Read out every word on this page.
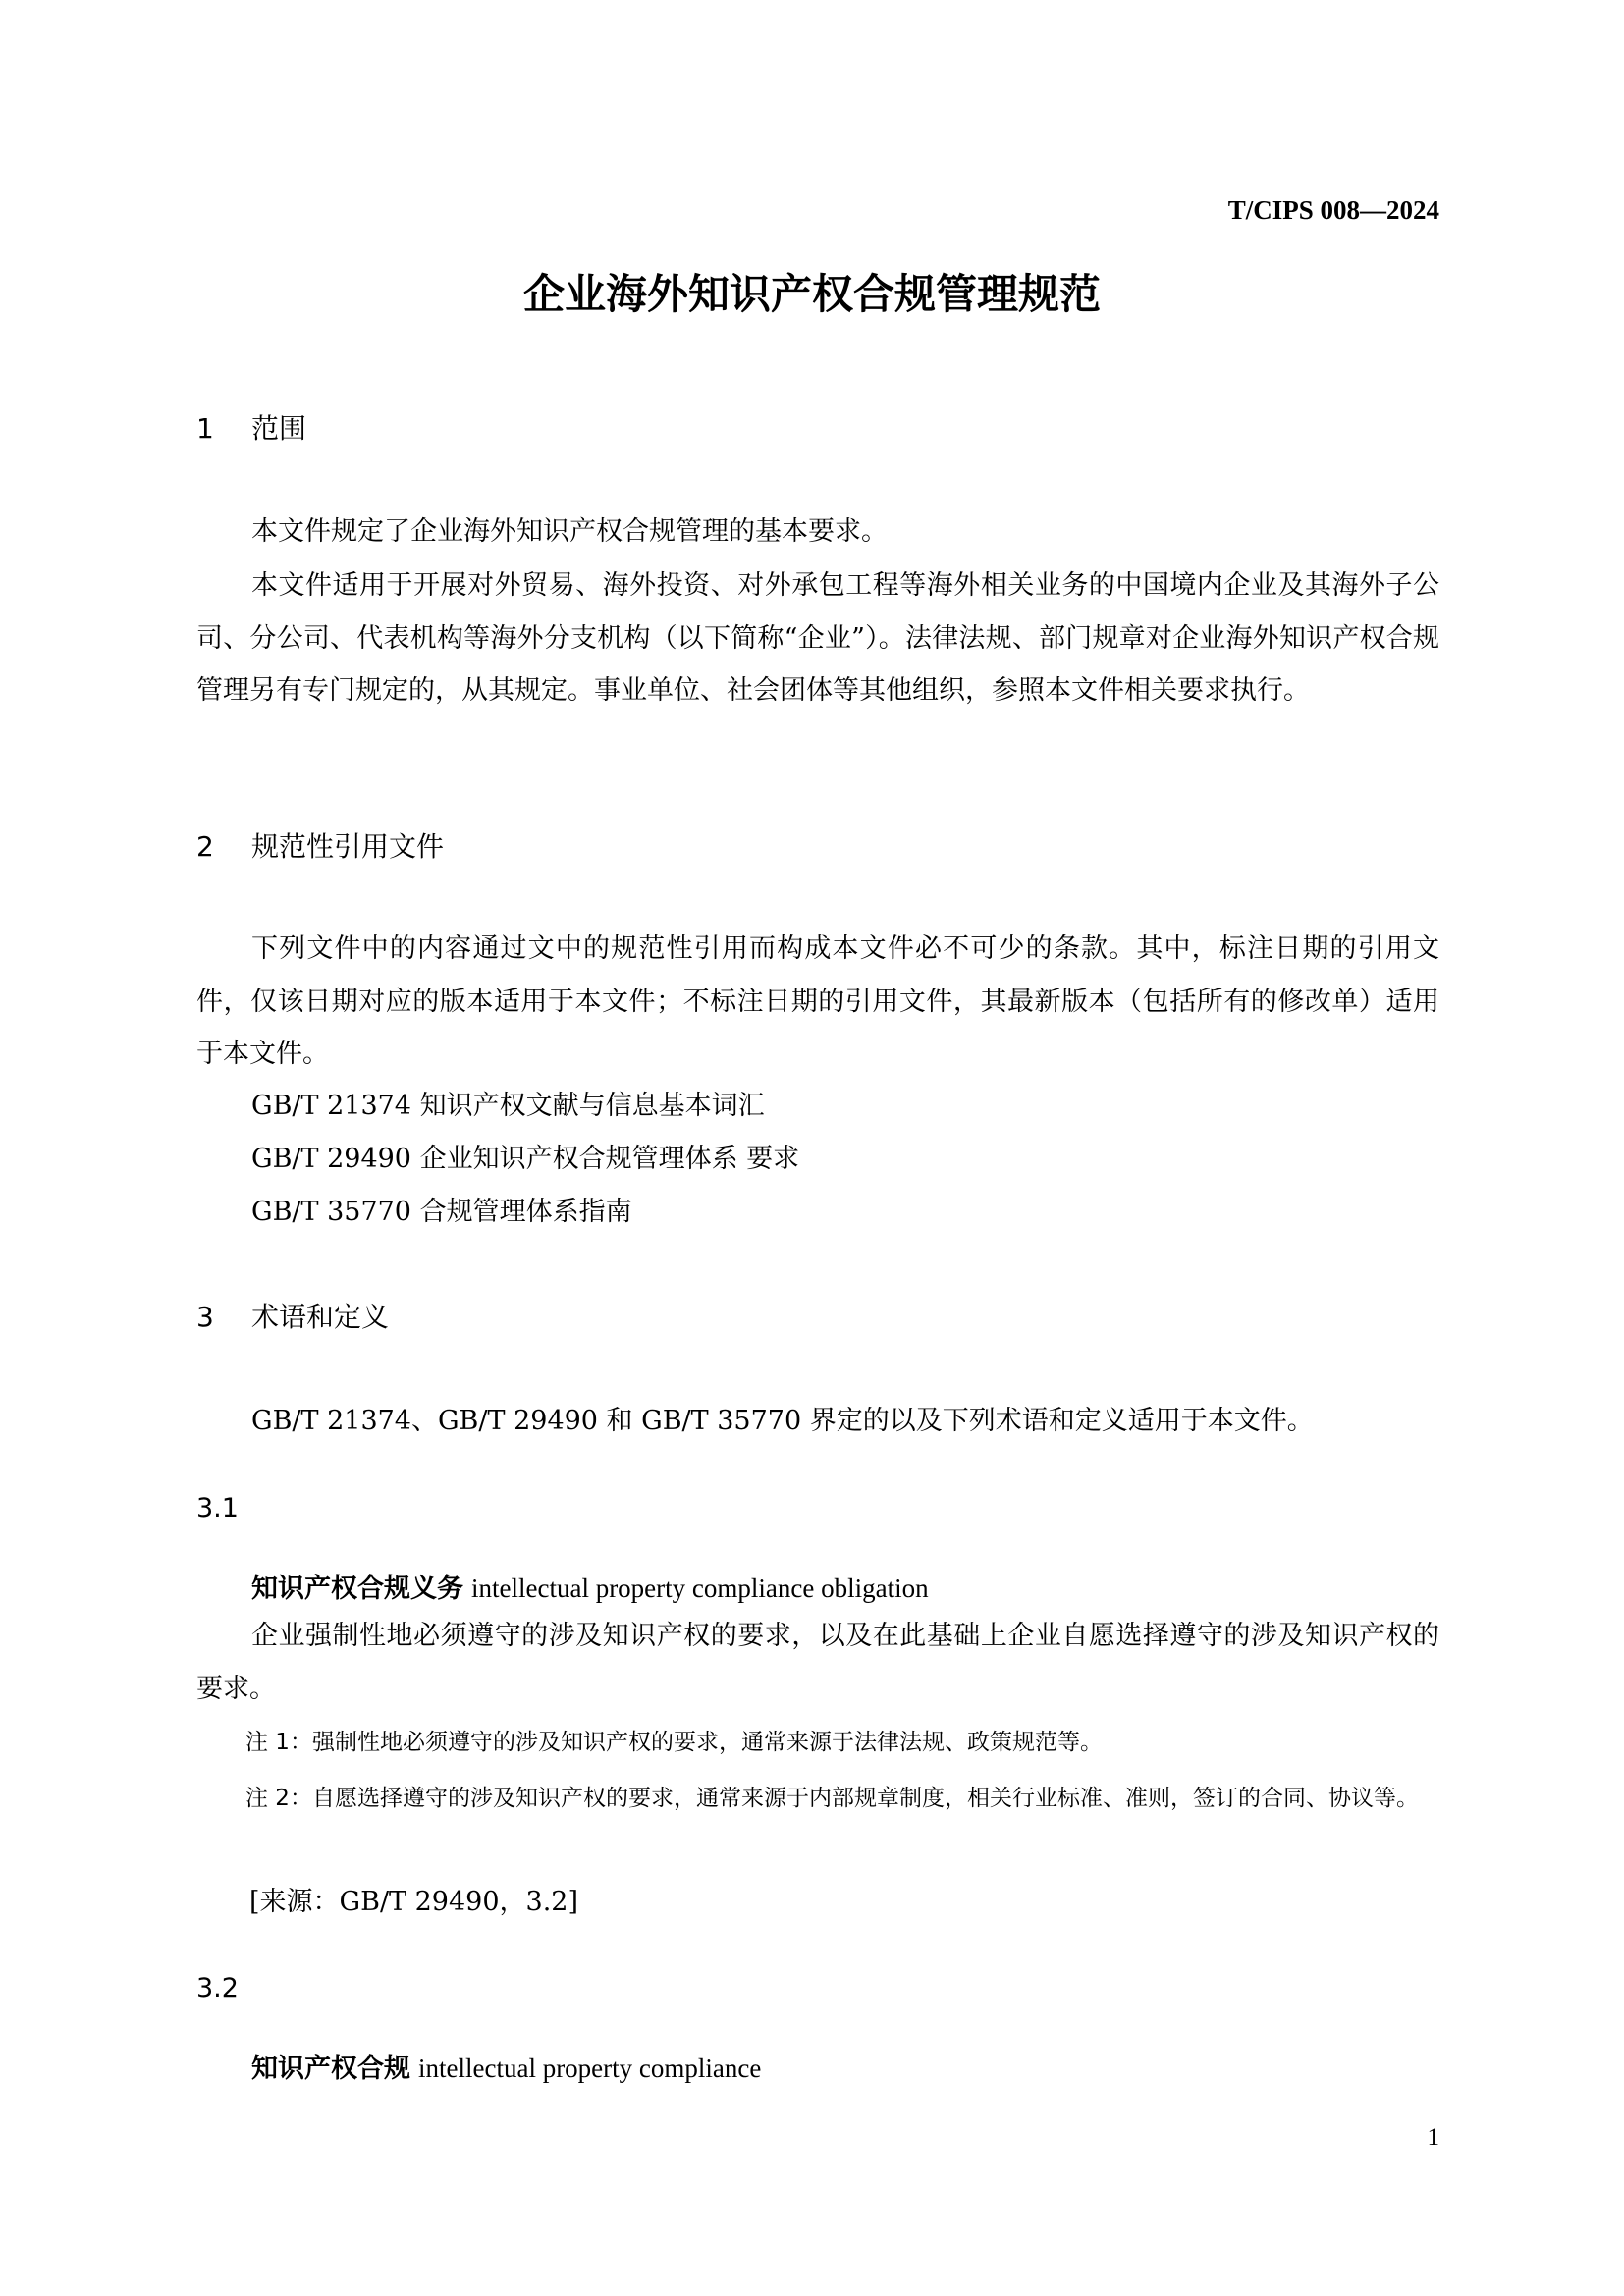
T/CIPS 008—2024
企业海外知识产权合规管理规范
1 范围

本文件规定了企业海外知识产权合规管理的基本要求。

本文件适用于开展对外贸易、海外投资、对外承包工程等海外相关业务的中国境内企业及其海外子公司、分公司、代表机构等海外分支机构（以下简称“企业”）。法律法规、部门规章对企业海外知识产权合规管理另有专门规定的，从其规定。事业单位、社会团体等其他组织，参照本文件相关要求执行。

2 规范性引用文件

下列文件中的内容通过文中的规范性引用而构成本文件必不可少的条款。其中，标注日期的引用文件，仅该日期对应的版本适用于本文件；不标注日期的引用文件，其最新版本（包括所有的修改单）适用于本文件。

GB/T 21374 知识产权文献与信息基本词汇
GB/T 29490 企业知识产权合规管理体系 要求
GB/T 35770 合规管理体系指南
3 术语和定义
GB/T 21374、GB/T 29490 和 GB/T 35770 界定的以及下列术语和定义适用于本文件。
3.1
知识产权合规义务 intellectual property compliance obligation

企业强制性地必须遵守的涉及知识产权的要求，以及在此基础上企业自愿选择遵守的涉及知识产权的要求。

注 1：强制性地必须遵守的涉及知识产权的要求，通常来源于法律法规、政策规范等。

注 2：自愿选择遵守的涉及知识产权的要求，通常来源于内部规章制度，相关行业标准、准则，签订的合同、协议等。

[来源：GB/T 29490，3.2]
3.2
知识产权合规 intellectual property compliance
1
